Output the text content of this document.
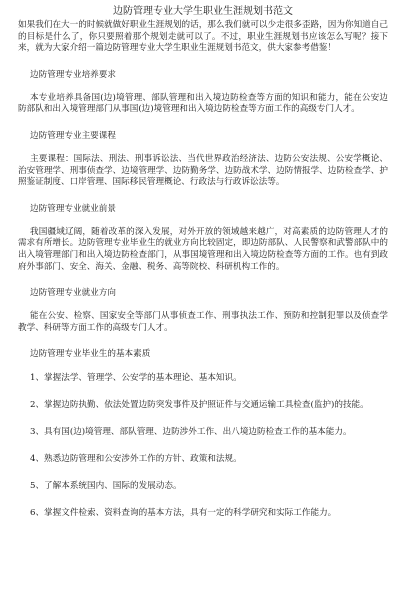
边防管理专业大学生职业生涯规划书范文

如果我们在大一的时候就做好职业生涯规划的话，那么我们就可以少走很多歪路，因为你知道自己的目标是什么了，你只要照着那个规划走就可以了。不过，职业生涯规划书应该怎么写呢？接下来，就为大家介绍一篇边防管理专业大学生职业生涯规划书范文，供大家参考借鉴！

边防管理专业培养要求

本专业培养具备国(边)境管理、部队管理和出入境边防检查等方面的知识和能力，能在公安边防部队和出入境管理部门从事国(边)境管理和出入境边防检查等方面工作的高级专门人才。

边防管理专业主要课程

主要课程：国际法、刑法、刑事诉讼法、当代世界政治经济法、边防公安法规、公安学概论、治安管理学、刑事侦查学、边境管理学、边防勤务学、边防战术学、边防情报学、边防检查学、护照鉴证制度、口岸管理、国际移民管理概论、行政法与行政诉讼法等。

边防管理专业就业前景

我国疆域辽阔，随着改革的深入发展，对外开放的领域越来越广，对高素质的边防管理人才的需求有所增长。边防管理专业毕业生的就业方向比较固定，即边防部队、人民警察和武警部队中的出入境管理部门和出入境边防检查部门，从事国境管理和出入境边防检查等方面的工作。也有到政府外事部门、安全、海关、金融、税务、高等院校、科研机构工作的。

边防管理专业就业方向

能在公安、检察、国家安全等部门从事侦查工作、刑事执法工作、预防和控制犯罪以及侦查学教学、科研等方面工作的高级专门人才。

边防管理专业毕业生的基本素质
1、掌握法学、管理学、公安学的基本理论、基本知识。
2、掌握边防执勤、依法处置边防突发事件及护照证件与交通运输工具检查(监护)的技能。
3、具有国(边)境管理、部队管理、边防涉外工作、出八境边防检查工作的基本能力。
4、熟悉边防管理和公安涉外工作的方针、政策和法规。
5、了解本系统国内、国际的发展动态。
6、掌握文件检索、资料查询的基本方法，具有一定的科学研究和实际工作能力。
